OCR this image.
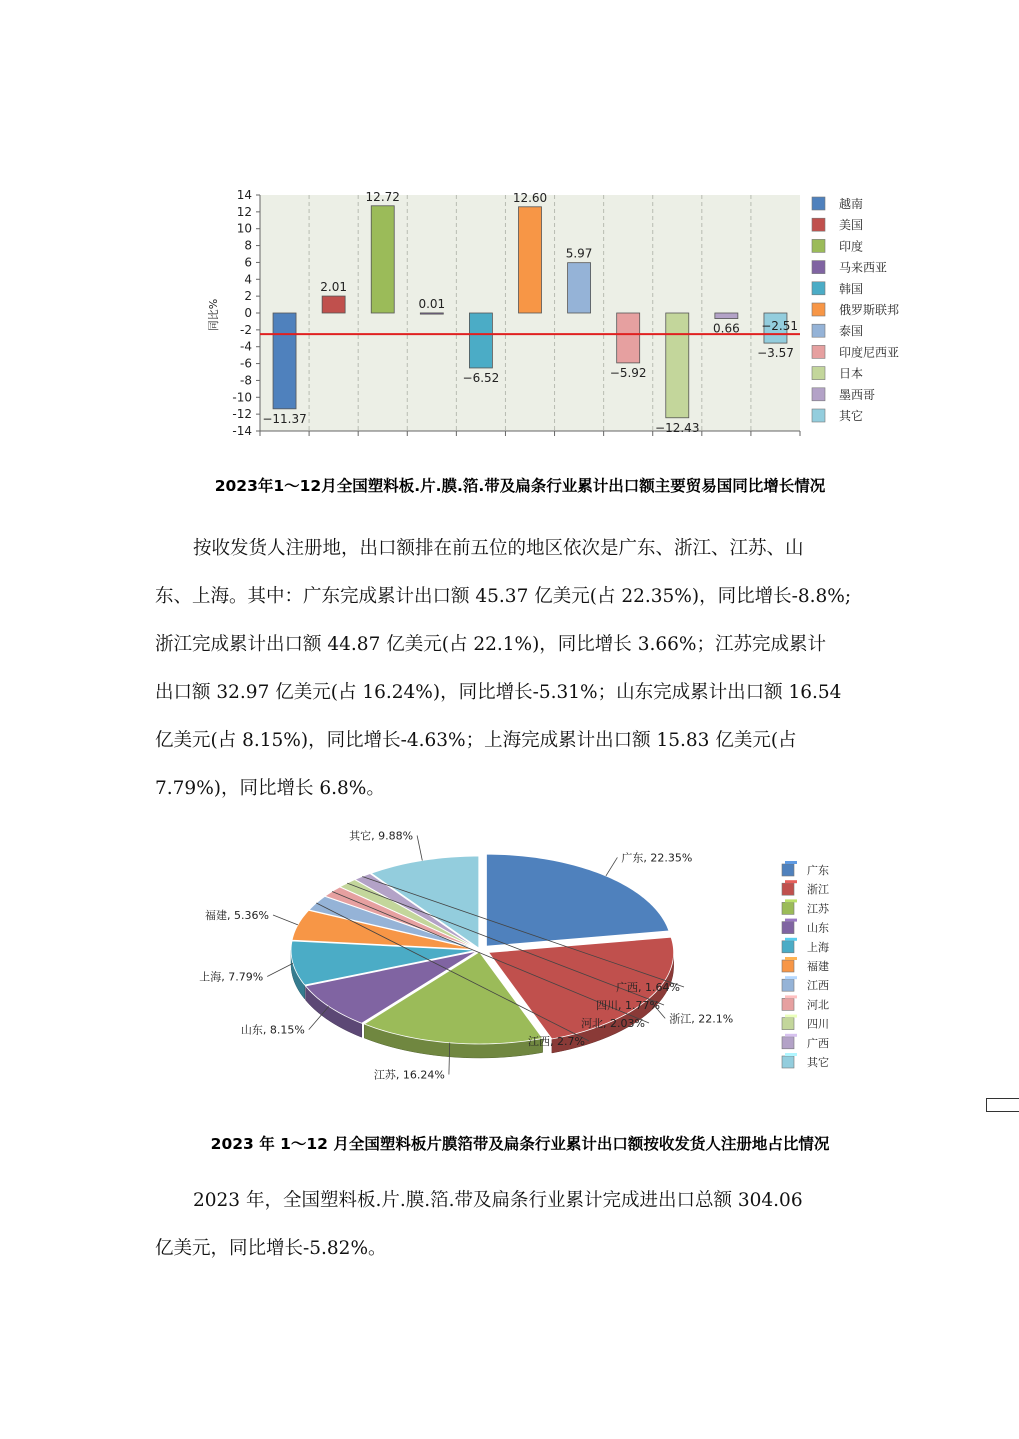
14
12
10
8
6
4
2
0
-2
-4
-6
-8
-10
-12
-14
同比%
−11.37
2.01
12.72
0.01
−6.52
12.60
5.97
−5.92
−12.43
0.66
−3.57
−2.51
越南
美国
印度
马来西亚
韩国
俄罗斯联邦
泰国
印度尼西亚
日本
墨西哥
其它
2023年1～12月全国塑料板.片.膜.箔.带及扁条行业累计出口额主要贸易国同比增长情况
按收发货人注册地，出口额排在前五位的地区依次是广东、浙江、江苏、山
东、上海。其中：广东完成累计出口额 45.37 亿美元(占 22.35%)，同比增长-8.8%;
浙江完成累计出口额 44.87 亿美元(占 22.1%)，同比增长 3.66%；江苏完成累计
出口额 32.97 亿美元(占 16.24%)，同比增长-5.31%；山东完成累计出口额 16.54
亿美元(占 8.15%)，同比增长-4.63%；上海完成累计出口额 15.83 亿美元(占
7.79%)，同比增长 6.8%。
广东, 22.35%
浙江, 22.1%
江苏, 16.24%
山东, 8.15%
上海, 7.79%
福建, 5.36%
江西, 2.7%
河北, 2.03%
四川, 1.77%
广西, 1.64%
其它, 9.88%
广东
浙江
江苏
山东
上海
福建
江西
河北
四川
广西
其它
2023 年 1～12 月全国塑料板片膜箔带及扁条行业累计出口额按收发货人注册地占比情况
2023 年，全国塑料板.片.膜.箔.带及扁条行业累计完成进出口总额 304.06
亿美元，同比增长-5.82%。
